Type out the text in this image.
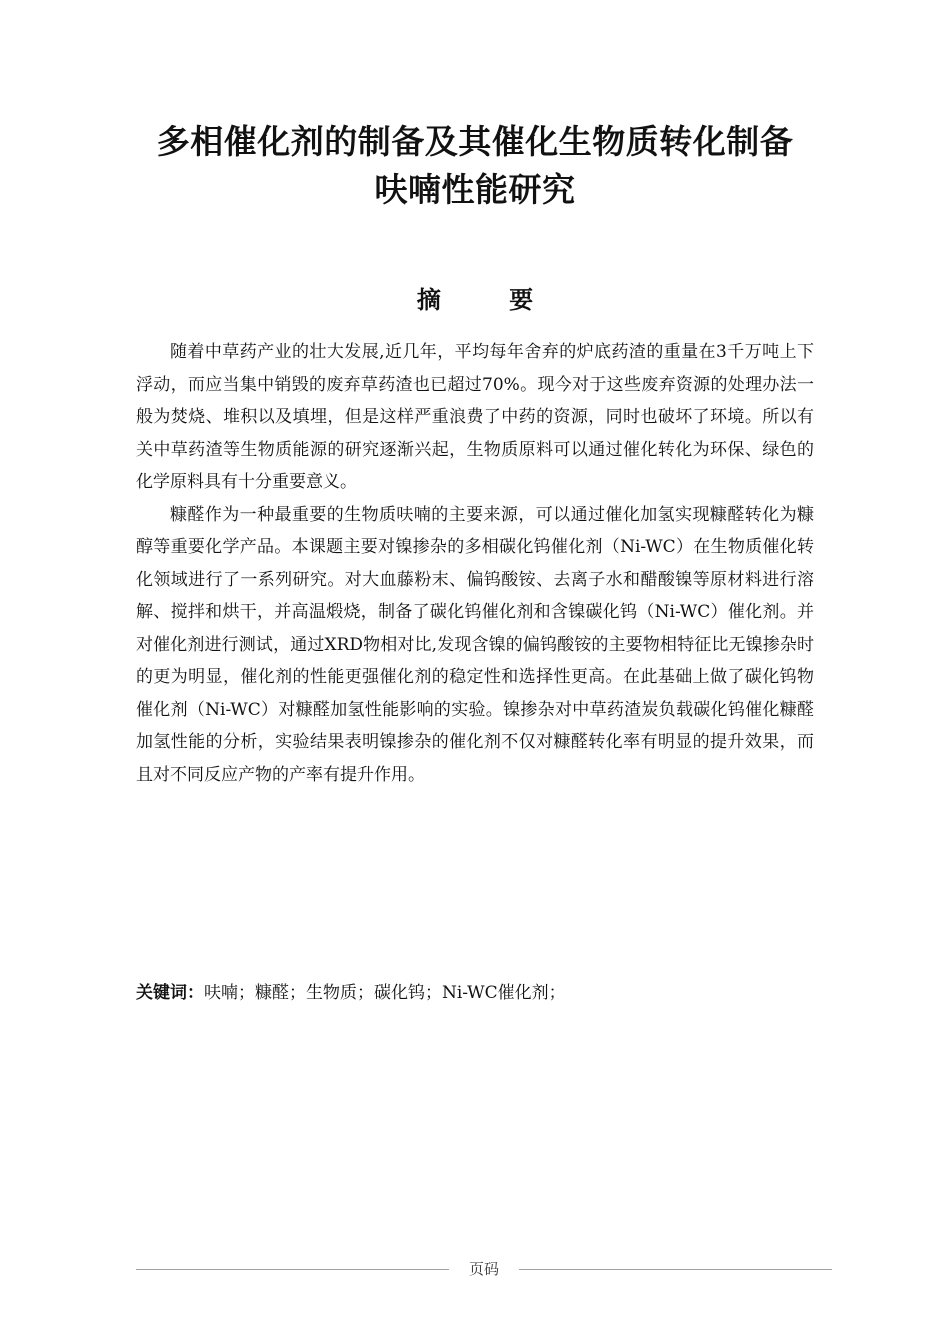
多相催化剂的制备及其催化生物质转化制备
呋喃性能研究
摘 要

随着中草药产业的壮大发展,近几年，平均每年舍弃的炉底药渣的重量在3千万吨上下浮动，而应当集中销毁的废弃草药渣也已超过70%。现今对于这些废弃资源的处理办法一般为焚烧、堆积以及填埋，但是这样严重浪费了中药的资源，同时也破坏了环境。所以有关中草药渣等生物质能源的研究逐渐兴起，生物质原料可以通过催化转化为环保、绿色的化学原料具有十分重要意义。

糠醛作为一种最重要的生物质呋喃的主要来源，可以通过催化加氢实现糠醛转化为糠醇等重要化学产品。本课题主要对镍掺杂的多相碳化钨催化剂（Ni-WC）在生物质催化转化领域进行了一系列研究。对大血藤粉末、偏钨酸铵、去离子水和醋酸镍等原材料进行溶解、搅拌和烘干，并高温煅烧，制备了碳化钨催化剂和含镍碳化钨（Ni-WC）催化剂。并对催化剂进行测试，通过XRD物相对比,发现含镍的偏钨酸铵的主要物相特征比无镍掺杂时的更为明显，催化剂的性能更强催化剂的稳定性和选择性更高。在此基础上做了碳化钨物催化剂（Ni-WC）对糠醛加氢性能影响的实验。镍掺杂对中草药渣炭负载碳化钨催化糠醛加氢性能的分析，实验结果表明镍掺杂的催化剂不仅对糠醛转化率有明显的提升效果，而且对不同反应产物的产率有提升作用。

关键词：呋喃；糠醛；生物质；碳化钨；Ni-WC催化剂；
页码
